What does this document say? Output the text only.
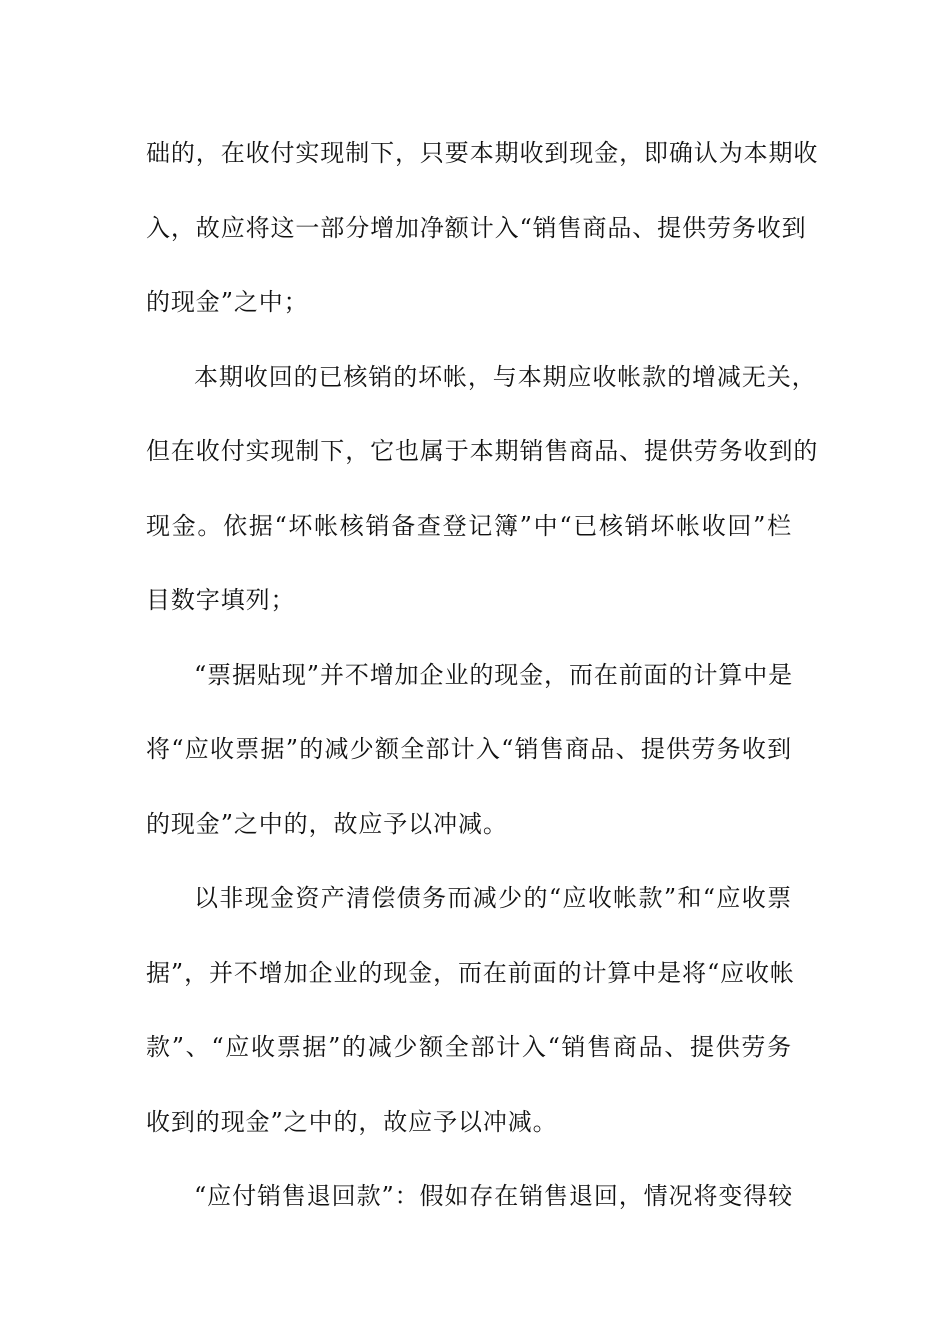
础的，在收付实现制下，只要本期收到现金，即确认为本期收
入，故应将这一部分增加净额计入“销售商品、提供劳务收到
的现金”之中；
本期收回的已核销的坏帐，与本期应收帐款的增减无关，
但在收付实现制下，它也属于本期销售商品、提供劳务收到的
现金。依据“坏帐核销备查登记簿”中“已核销坏帐收回”栏
目数字填列；
“票据贴现”并不增加企业的现金，而在前面的计算中是
将“应收票据”的减少额全部计入“销售商品、提供劳务收到
的现金”之中的，故应予以冲减。
以非现金资产清偿债务而减少的“应收帐款”和“应收票
据”，并不增加企业的现金，而在前面的计算中是将“应收帐
款”、“应收票据”的减少额全部计入“销售商品、提供劳务
收到的现金”之中的，故应予以冲减。
“应付销售退回款”：假如存在销售退回，情况将变得较
